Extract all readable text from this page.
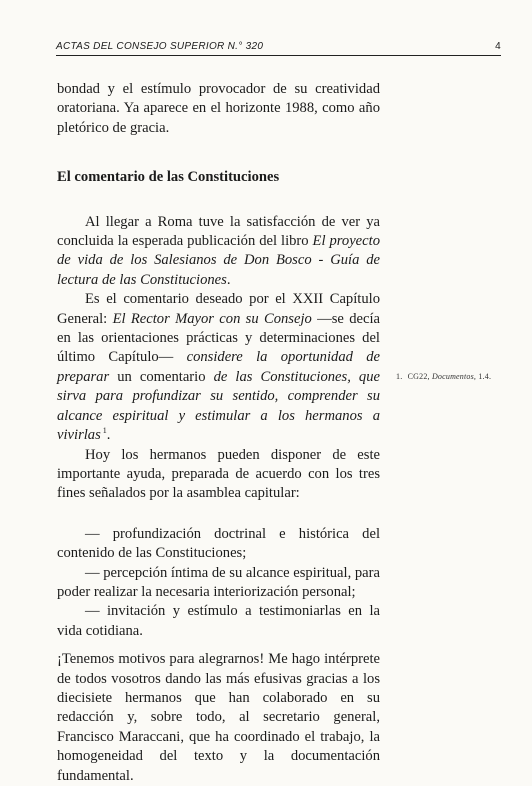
ACTAS DEL CONSEJO SUPERIOR N.° 320	4

bondad y el estímulo provocador de su creatividad oratoriana. Ya aparece en el horizonte 1988, como año pletórico de gracia.

El comentario de las Constituciones

Al llegar a Roma tuve la satisfacción de ver ya concluida la esperada publicación del libro El proyecto de vida de los Salesianos de Don Bosco - Guía de lectura de las Constituciones.

Es el comentario deseado por el XXII Capítulo General: El Rector Mayor con su Consejo —se decía en las orientaciones prácticas y determinaciones del último Capítulo— considere la oportunidad de preparar un comentario de las Constituciones, que sirva para profundizar su sentido, comprender su alcance espiritual y estimular a los hermanos a vivirlas $^1$.

Hoy los hermanos pueden disponer de este importante ayuda, preparada de acuerdo con los tres fines señalados por la asamblea capitular:

— profundización doctrinal e histórica del contenido de las Constituciones;

— percepción íntima de su alcance espiritual, para poder realizar la necesaria interiorización personal;

— invitación y estímulo a testimoniarlas en la vida cotidiana.

¡Tenemos motivos para alegrarnos! Me hago intérprete de todos vosotros dando las más efusivas gracias a los diecisiete hermanos que han colaborado en su redacción y, sobre todo, al secretario general, Francisco Maraccani, que ha coordinado el trabajo, la homogeneidad del texto y la documentación fundamental.

1. CG22, Documentos, 1.4.
